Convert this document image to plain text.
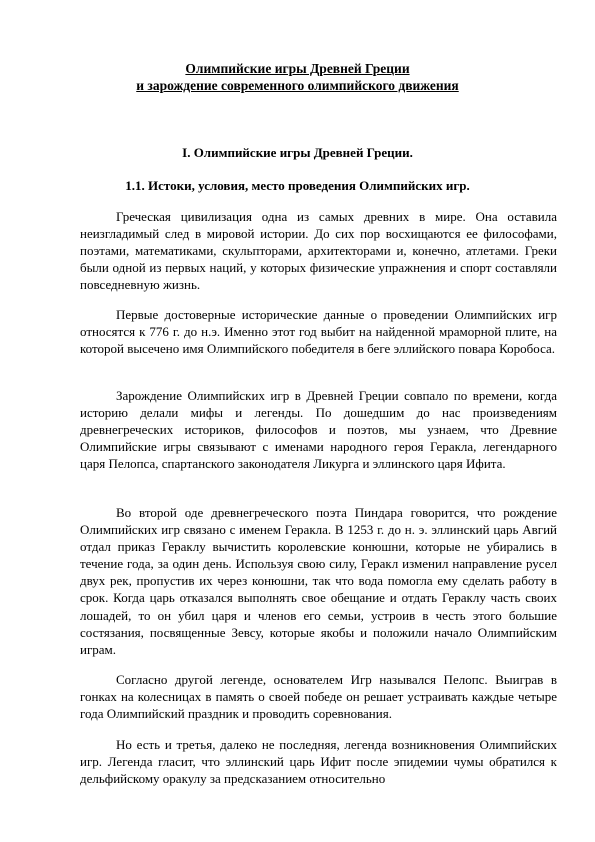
Олимпийские игры Древней Греции
и зарождение современного олимпийского движения
I. Олимпийские игры Древней Греции.
1.1. Истоки, условия, место проведения Олимпийских игр.

Греческая цивилизация одна из самых древних в мире. Она оставила неизгладимый след в мировой истории. До сих пор восхищаются ее философами, поэтами, математиками, скульпторами, архитекторами и, конечно, атлетами. Греки были одной из первых наций, у которых физические упражнения и спорт составляли повседневную жизнь.

Первые достоверные исторические данные о проведении Олимпийских игр относятся к 776 г. до н.э. Именно этот год выбит на найденной мраморной плите, на которой высечено имя Олимпийского победителя в беге эллийского повара Коробоса.

Зарождение Олимпийских игр в Древней Греции совпало по времени, когда историю делали мифы и легенды. По дошедшим до нас произведениям древнегреческих историков, философов и поэтов, мы узнаем, что Древние Олимпийские игры связывают с именами народного героя Геракла, легендарного царя Пелопса, спартанского законодателя Ликурга и эллинского царя Ифита.

Во второй оде древнегреческого поэта Пиндара говорится, что рождение Олимпийских игр связано с именем Геракла. В 1253 г. до н. э. эллинский царь Авгий отдал приказ Гераклу вычистить королевские конюшни, которые не убирались в течение года, за один день. Используя свою силу, Геракл изменил направление русел двух рек, пропустив их через конюшни, так что вода помогла ему сделать работу в срок. Когда царь отказался выполнять свое обещание и отдать Гераклу часть своих лошадей, то он убил царя и членов его семьи, устроив в честь этого большие состязания, посвященные Зевсу, которые якобы и положили начало Олимпийским играм.

Согласно другой легенде, основателем Игр назывался Пелопс. Выиграв в гонках на колесницах в память о своей победе он решает устраивать каждые четыре года Олимпийский праздник и проводить соревнования.

Но есть и третья, далеко не последняя, легенда возникновения Олимпийских игр. Легенда гласит, что эллинский царь Ифит после эпидемии чумы обратился к дельфийскому оракулу за предсказанием относительно
